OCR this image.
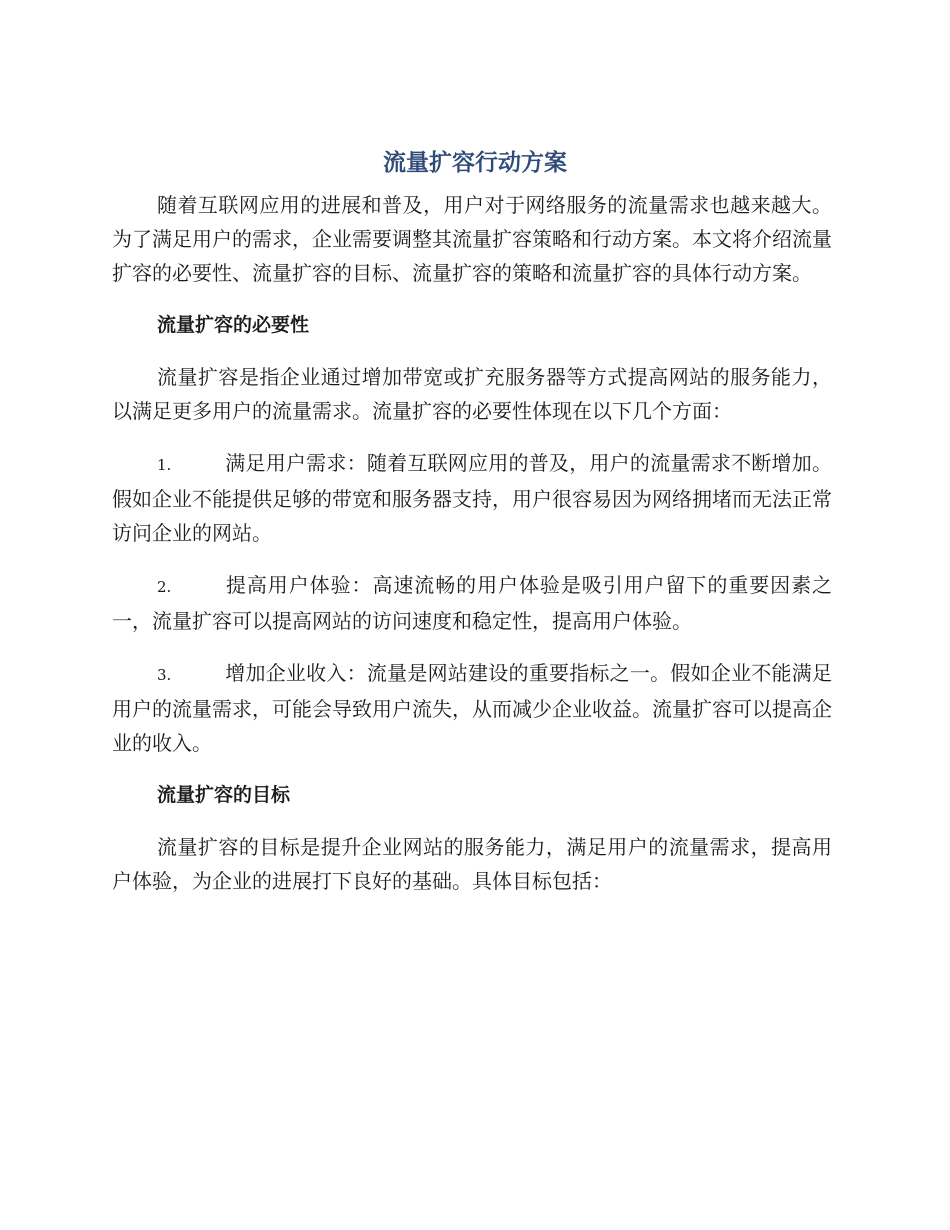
流量扩容行动方案

随着互联网应用的进展和普及，用户对于网络服务的流量需求也越来越大。为了满足用户的需求，企业需要调整其流量扩容策略和行动方案。本文将介绍流量扩容的必要性、流量扩容的目标、流量扩容的策略和流量扩容的具体行动方案。

流量扩容的必要性

流量扩容是指企业通过增加带宽或扩充服务器等方式提高网站的服务能力，以满足更多用户的流量需求。流量扩容的必要性体现在以下几个方面：

1.	满足用户需求：随着互联网应用的普及，用户的流量需求不断增加。假如企业不能提供足够的带宽和服务器支持，用户很容易因为网络拥堵而无法正常访问企业的网站。

2.	提高用户体验：高速流畅的用户体验是吸引用户留下的重要因素之一，流量扩容可以提高网站的访问速度和稳定性，提高用户体验。

3.	增加企业收入：流量是网站建设的重要指标之一。假如企业不能满足用户的流量需求，可能会导致用户流失，从而减少企业收益。流量扩容可以提高企业的收入。

流量扩容的目标

流量扩容的目标是提升企业网站的服务能力，满足用户的流量需求，提高用户体验，为企业的进展打下良好的基础。具体目标包括：
